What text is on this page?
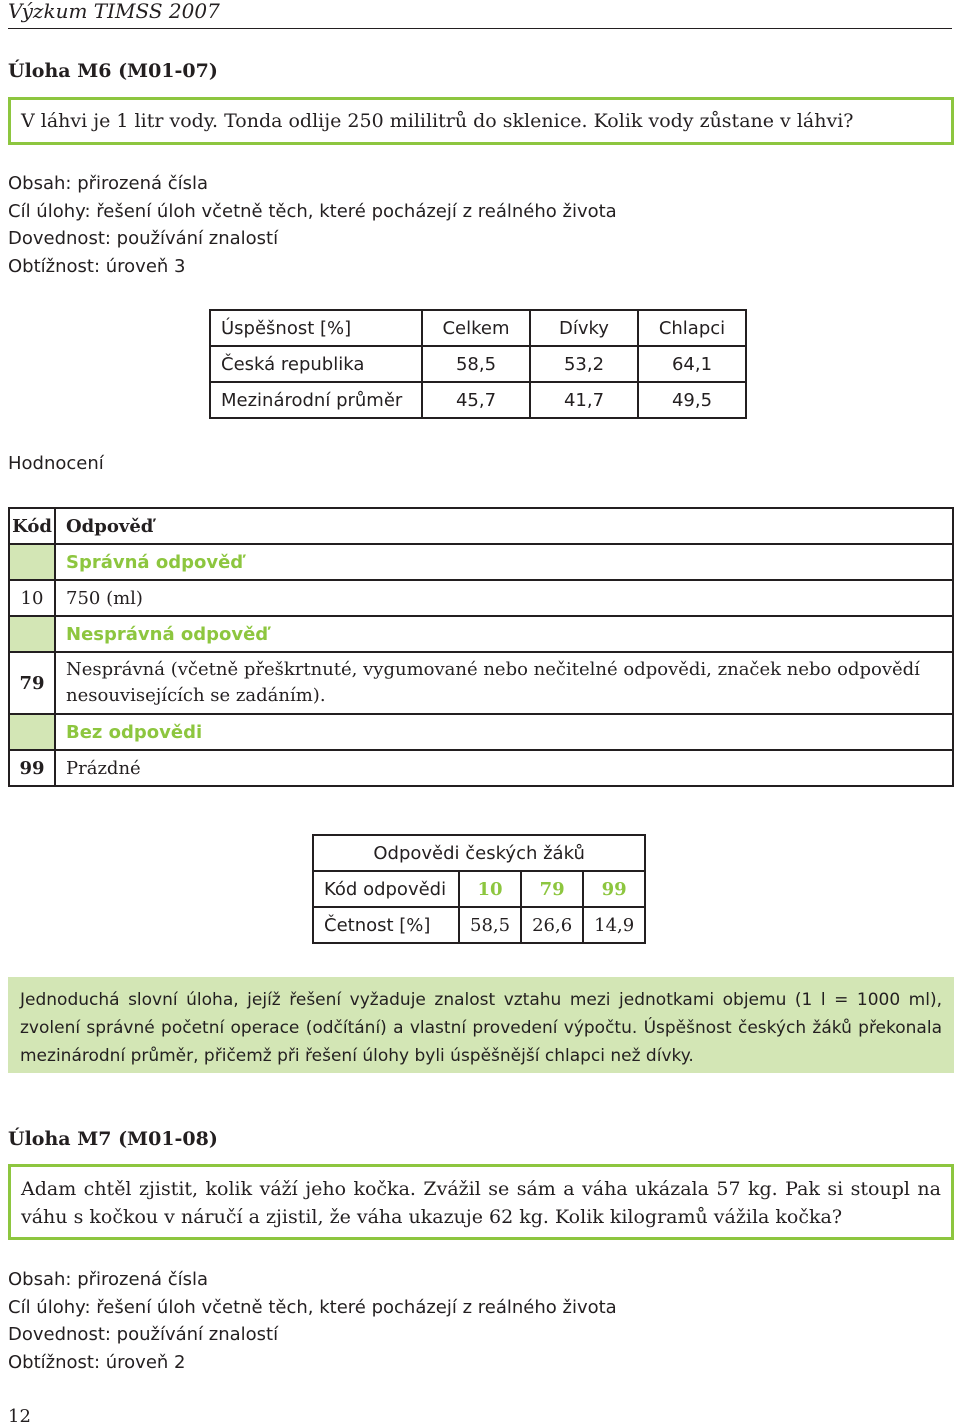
Výzkum TIMSS 2007
Úloha M6 (M01-07)
V láhvi je 1 litr vody. Tonda odlije 250 mililitrů do sklenice. Kolik vody zůstane v láhvi?
Obsah: přirozená čísla
Cíl úlohy: řešení úloh včetně těch, které pocházejí z reálného života
Dovednost: používání znalostí
Obtížnost: úroveň 3
Úspěšnost [%]	Celkem	Dívky	Chlapci
Česká republika	58,5	53,2	64,1
Mezinárodní průměr	45,7	41,7	49,5
Hodnocení
Kód	Odpověď
	Správná odpověď
10	750 (ml)
	Nesprávná odpověď
79	Nesprávná (včetně přeškrtnuté, vygumované nebo nečitelné odpovědi, značek nebo odpovědí nesouvisejících se zadáním).
	Bez odpovědi
99	Prázdné
Odpovědi českých žáků			
Kód odpovědi	10	79	99
Četnost [%]	58,5	26,6	14,9
Jednoduchá slovní úloha, jejíž řešení vyžaduje znalost vztahu mezi jednotkami objemu (1 l = 1000 ml), zvolení správné početní operace (odčítání) a vlastní provedení výpočtu. Úspěšnost českých žáků překonala mezinárodní průměr, přičemž při řešení úlohy byli úspěšnější chlapci než dívky.
Úloha M7 (M01-08)
Adam chtěl zjistit, kolik váží jeho kočka. Zvážil se sám a váha ukázala 57 kg. Pak si stoupl na váhu s kočkou v náručí a zjistil, že váha ukazuje 62 kg. Kolik kilogramů vážila kočka?
Obsah: přirozená čísla
Cíl úlohy: řešení úloh včetně těch, které pocházejí z reálného života
Dovednost: používání znalostí
Obtížnost: úroveň 2
12
